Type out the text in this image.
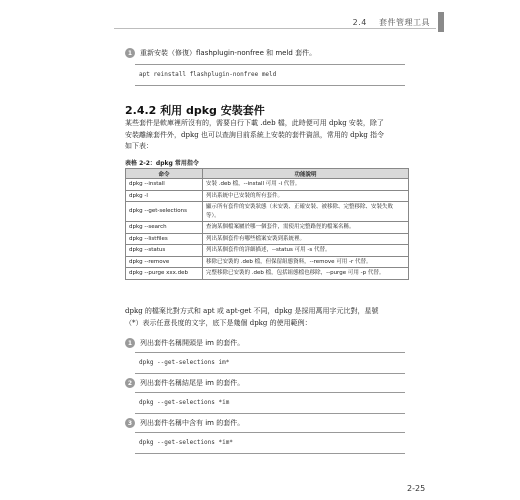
2.4 套件管理工具
1	重新安裝（修復）flashplugin-nonfree 和 meld 套件。
apt reinstall flashplugin-nonfree meld
2.4.2 利用 dpkg 安裝套件
某些套件是軟庫裡所沒有的，需要自行下載 .deb 檔，此時便可用 dpkg 安裝，除了
安裝離線套件外，dpkg 也可以查詢目前系統上安裝的套件資訊，常用的 dpkg 指令
如下表：
表格 2-2：dpkg 常用指令
命令	功能說明
dpkg --install	安裝 .deb 檔，--install 可用 -i 代替。
dpkg -l	列出系統中已安裝的所有套件。
dpkg --get-selections	顯示所有套件的安裝狀態（未安裝、正確安裝、被移除、完整移除、安裝失敗等）。
dpkg --search	查詢某個檔案屬於哪一個套件，需使用完整路徑的檔案名稱。
dpkg --listfiles	列出某個套件有哪些檔案安裝到系統裡。
dpkg --status	列出某個套件的詳細描述，--status 可用 -s 代替。
dpkg --remove	移除已安裝的 .deb 檔，但保留組態資料，--remove 可用 -r 代替。
dpkg --purge xxx.deb	完整移除已安裝的 .deb 檔，包括組態檔也移除，--purge 可用 -p 代替。
dpkg 的檔案比對方式和 apt 或 apt-get 不同，dpkg 是採用萬用字元比對，星號
（*）表示任意長度的文字，底下是幾個 dpkg 的使用範例：
1	列出套件名稱開頭是 im 的套件。
dpkg --get-selections im*
2	列出套件名稱結尾是 im 的套件。
dpkg --get-selections *im
3	列出套件名稱中含有 im 的套件。
dpkg --get-selections *im*
2-25
